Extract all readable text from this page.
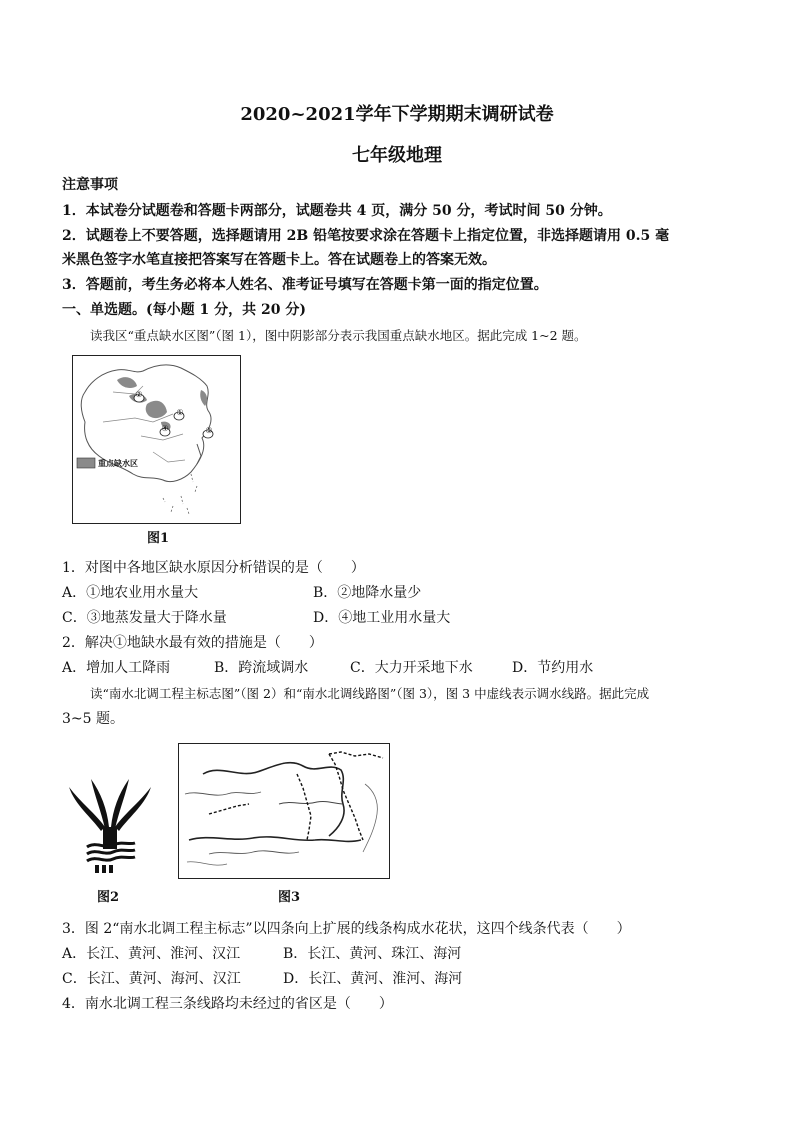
2020~2021学年下学期期末调研试卷
七年级地理
注意事项
1．本试卷分试题卷和答题卡两部分，试题卷共 4 页，满分 50 分，考试时间 50 分钟。
2．试题卷上不要答题，选择题请用 2B 铅笔按要求涂在答题卡上指定位置，非选择题请用 0.5 毫
米黑色签字水笔直接把答案写在答题卡上。答在试题卷上的答案无效。
3．答题前，考生务必将本人姓名、准考证号填写在答题卡第一面的指定位置。
一、单选题。(每小题 1 分，共 20 分)
读我区“重点缺水区图”（图 1），图中阴影部分表示我国重点缺水地区。据此完成 1~2 题。
①
②
③
④
重点缺水区
图1
1．对图中各地区缺水原因分析错误的是（　　）
A．①地农业用水量大	B．②地降水量少
C．③地蒸发量大于降水量	D．④地工业用水量大
2．解决①地缺水最有效的措施是（　　）
A．增加人工降雨	B．跨流域调水	C．大力开采地下水	D．节约用水
读“南水北调工程主标志图”（图 2）和“南水北调线路图”（图 3），图 3 中虚线表示调水线路。据此完成
3~5 题。
图2	图3
3．图 2“南水北调工程主标志”以四条向上扩展的线条构成水花状，这四个线条代表（　　）
A．长江、黄河、淮河、汉江	B．长江、黄河、珠江、海河
C．长江、黄河、海河、汉江	D．长江、黄河、淮河、海河
4．南水北调工程三条线路均未经过的省区是（　　）
